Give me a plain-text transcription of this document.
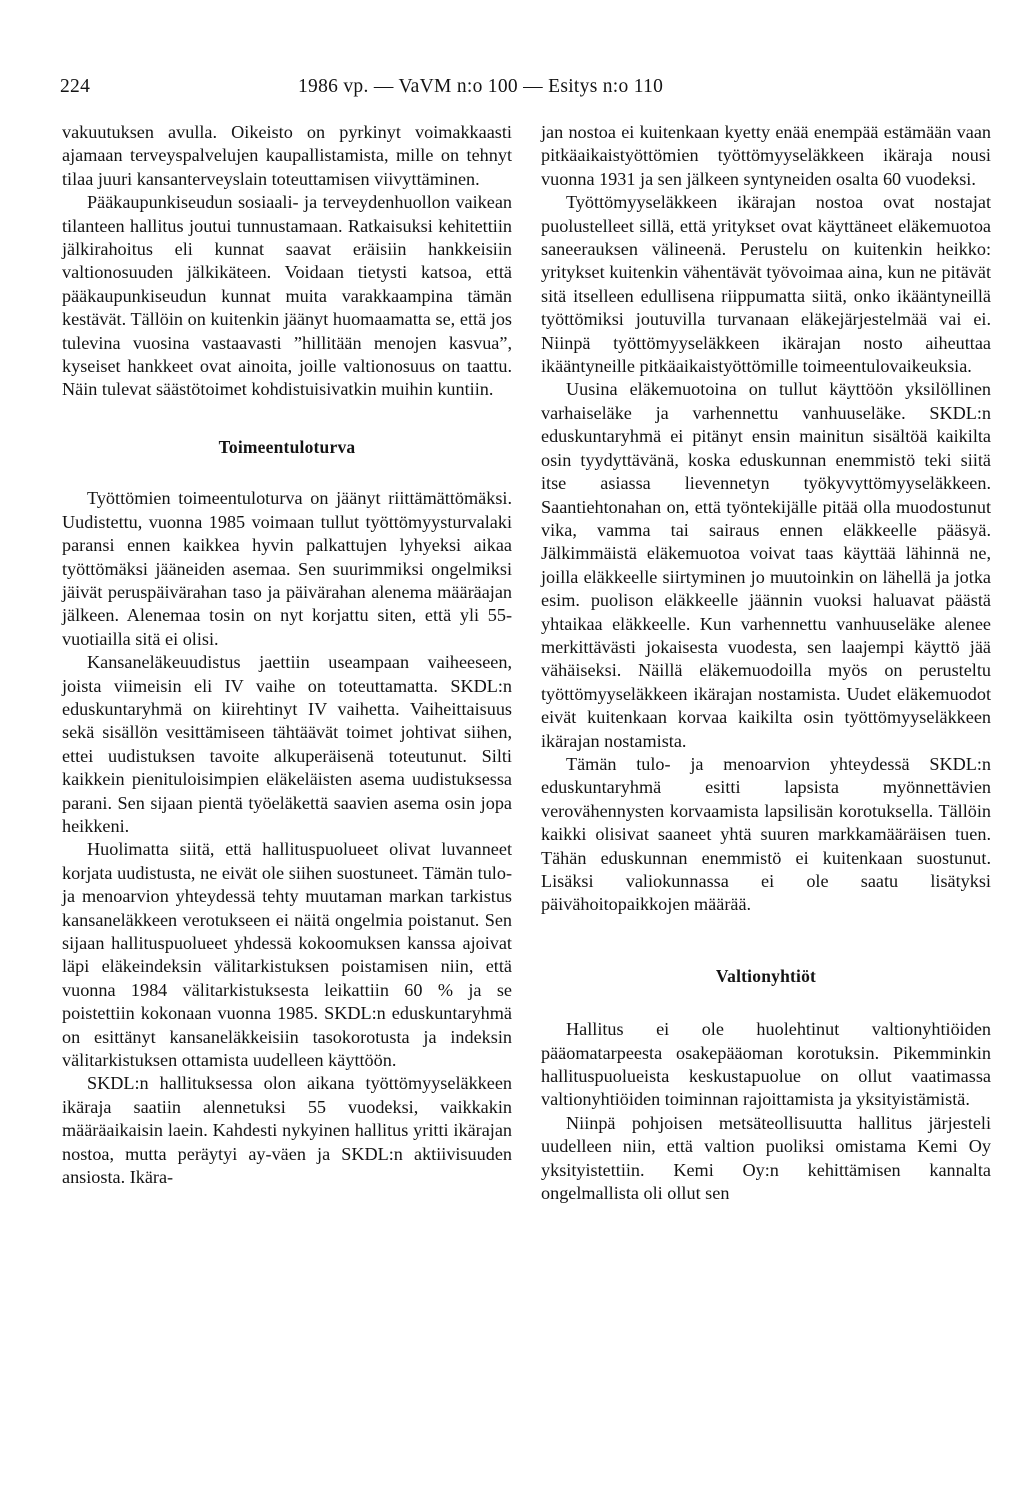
224	1986 vp. — VaVM n:o 100 — Esitys n:o 110

vakuutuksen avulla. Oikeisto on pyrkinyt voimakkaasti ajamaan terveyspalvelujen kaupallistamista, mille on tehnyt tilaa juuri kansanterveyslain toteuttamisen viivyttäminen.

Pääkaupunkiseudun sosiaali- ja terveydenhuollon vaikean tilanteen hallitus joutui tunnustamaan. Ratkaisuksi kehitettiin jälkirahoitus eli kunnat saavat eräisiin hankkeisiin valtionosuuden jälkikäteen. Voidaan tietysti katsoa, että pääkaupunkiseudun kunnat muita varakkaampina tämän kestävät. Tällöin on kuitenkin jäänyt huomaamatta se, että jos tulevina vuosina vastaavasti ”hillitään menojen kasvua”, kyseiset hankkeet ovat ainoita, joille valtionosuus on taattu. Näin tulevat säästötoimet kohdistuisivatkin muihin kuntiin.

Toimeentuloturva

Työttömien toimeentuloturva on jäänyt riittämättömäksi. Uudistettu, vuonna 1985 voimaan tullut työttömyysturvalaki paransi ennen kaikkea hyvin palkattujen lyhyeksi aikaa työttömäksi jääneiden asemaa. Sen suurimmiksi ongelmiksi jäivät peruspäivärahan taso ja päivärahan alenema määräajan jälkeen. Alenemaa tosin on nyt korjattu siten, että yli 55-vuotiailla sitä ei olisi.

Kansaneläkeuudistus jaettiin useampaan vaiheeseen, joista viimeisin eli IV vaihe on toteuttamatta. SKDL:n eduskuntaryhmä on kiirehtinyt IV vaihetta. Vaiheittaisuus sekä sisällön vesittämiseen tähtäävät toimet johtivat siihen, ettei uudistuksen tavoite alkuperäisenä toteutunut. Silti kaikkein pienituloisimpien eläkeläisten asema uudistuksessa parani. Sen sijaan pientä työeläkettä saavien asema osin jopa heikkeni.

Huolimatta siitä, että hallituspuolueet olivat luvanneet korjata uudistusta, ne eivät ole siihen suostuneet. Tämän tulo- ja menoarvion yhteydessä tehty muutaman markan tarkistus kansaneläkkeen verotukseen ei näitä ongelmia poistanut. Sen sijaan hallituspuolueet yhdessä kokoomuksen kanssa ajoivat läpi eläkeindeksin välitarkistuksen poistamisen niin, että vuonna 1984 välitarkistuksesta leikattiin 60 % ja se poistettiin kokonaan vuonna 1985. SKDL:n eduskuntaryhmä on esittänyt kansaneläkkeisiin tasokorotusta ja indeksin välitarkistuksen ottamista uudelleen käyttöön.

SKDL:n hallituksessa olon aikana työttömyyseläkkeen ikäraja saatiin alennetuksi 55 vuodeksi, vaikkakin määräaikaisin laein. Kahdesti nykyinen hallitus yritti ikärajan nostoa, mutta peräytyi ay-väen ja SKDL:n aktiivisuuden ansiosta. Ikära-

jan nostoa ei kuitenkaan kyetty enää enempää estämään vaan pitkäaikaistyöttömien työttömyyseläkkeen ikäraja nousi vuonna 1931 ja sen jälkeen syntyneiden osalta 60 vuodeksi.

Työttömyyseläkkeen ikärajan nostoa ovat nostajat puolustelleet sillä, että yritykset ovat käyttäneet eläkemuotoa saneerauksen välineenä. Perustelu on kuitenkin heikko: yritykset kuitenkin vähentävät työvoimaa aina, kun ne pitävät sitä itselleen edullisena riippumatta siitä, onko ikääntyneillä työttömiksi joutuvilla turvanaan eläkejärjestelmää vai ei. Niinpä työttömyyseläkkeen ikärajan nosto aiheuttaa ikääntyneille pitkäaikaistyöttömille toimeentulovaikeuksia.

Uusina eläkemuotoina on tullut käyttöön yksilöllinen varhaiseläke ja varhennettu vanhuuseläke. SKDL:n eduskuntaryhmä ei pitänyt ensin mainitun sisältöä kaikilta osin tyydyttävänä, koska eduskunnan enemmistö teki siitä itse asiassa lievennetyn työkyvyttömyyseläkkeen. Saantiehtonahan on, että työntekijälle pitää olla muodostunut vika, vamma tai sairaus ennen eläkkeelle pääsyä. Jälkimmäistä eläkemuotoa voivat taas käyttää lähinnä ne, joilla eläkkeelle siirtyminen jo muutoinkin on lähellä ja jotka esim. puolison eläkkeelle jäännin vuoksi haluavat päästä yhtaikaa eläkkeelle. Kun varhennettu vanhuuseläke alenee merkittävästi jokaisesta vuodesta, sen laajempi käyttö jää vähäiseksi. Näillä eläkemuodoilla myös on perusteltu työttömyyseläkkeen ikärajan nostamista. Uudet eläkemuodot eivät kuitenkaan korvaa kaikilta osin työttömyyseläkkeen ikärajan nostamista.

Tämän tulo- ja menoarvion yhteydessä SKDL:n eduskuntaryhmä esitti lapsista myönnettävien verovähennysten korvaamista lapsilisän korotuksella. Tällöin kaikki olisivat saaneet yhtä suuren markkamääräisen tuen. Tähän eduskunnan enemmistö ei kuitenkaan suostunut. Lisäksi valiokunnassa ei ole saatu lisätyksi päivähoitopaikkojen määrää.

Valtionyhtiöt

Hallitus ei ole huolehtinut valtionyhtiöiden pääomatarpeesta osakepääoman korotuksin. Pikemminkin hallituspuolueista keskustapuolue on ollut vaatimassa valtionyhtiöiden toiminnan rajoittamista ja yksityistämistä.

Niinpä pohjoisen metsäteollisuutta hallitus järjesteli uudelleen niin, että valtion puoliksi omistama Kemi Oy yksityistettiin. Kemi Oy:n kehittämisen kannalta ongelmallista oli ollut sen
